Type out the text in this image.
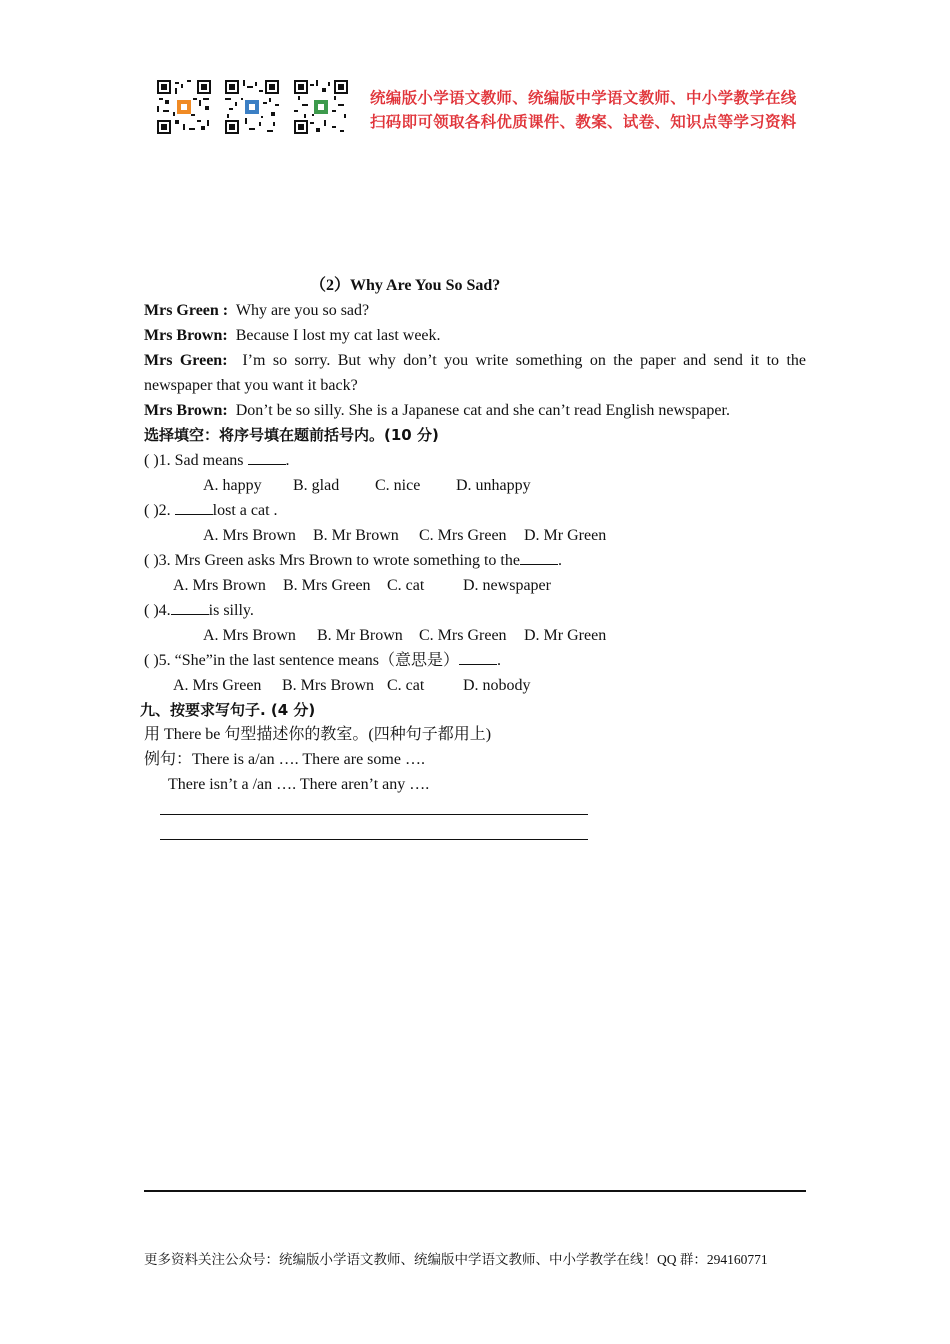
统编版小学语文教师、统编版中学语文教师、中小学教学在线
扫码即可领取各科优质课件、教案、试卷、知识点等学习资料
（2）Why Are You So Sad?
Mrs Green : Why are you so sad?
Mrs Brown: Because I lost my cat last week.
Mrs Green: I’m so sorry. But why don’t you write something on the paper and send it to the newspaper that you want it back?
Mrs Brown: Don’t be so silly. She is a Japanese cat and she can’t read English newspaper.
选择填空：将序号填在题前括号内。(10 分)
( )1. Sad means .
A. happy B. glad C. nice D. unhappy
( )2. lost a cat .
A. Mrs Brown B. Mr Brown C. Mrs Green D. Mr Green
( )3. Mrs Green asks Mrs Brown to wrote something to the .
A. Mrs Brown B. Mrs Green C. cat D. newspaper
( )4. is silly.
A. Mrs Brown B. Mr Brown C. Mrs Green D. Mr Green
( )5. “She”in the last sentence means（意思是） .
A. Mrs Green B. Mrs Brown C. cat D. nobody
九、按要求写句子. (4 分)
用 There be 句型描述你的教室。(四种句子都用上)
例句：There is a/an …. There are some ….
There isn’t a /an …. There aren’t any ….
更多资料关注公众号：统编版小学语文教师、统编版中学语文教师、中小学教学在线！QQ 群：294160771
